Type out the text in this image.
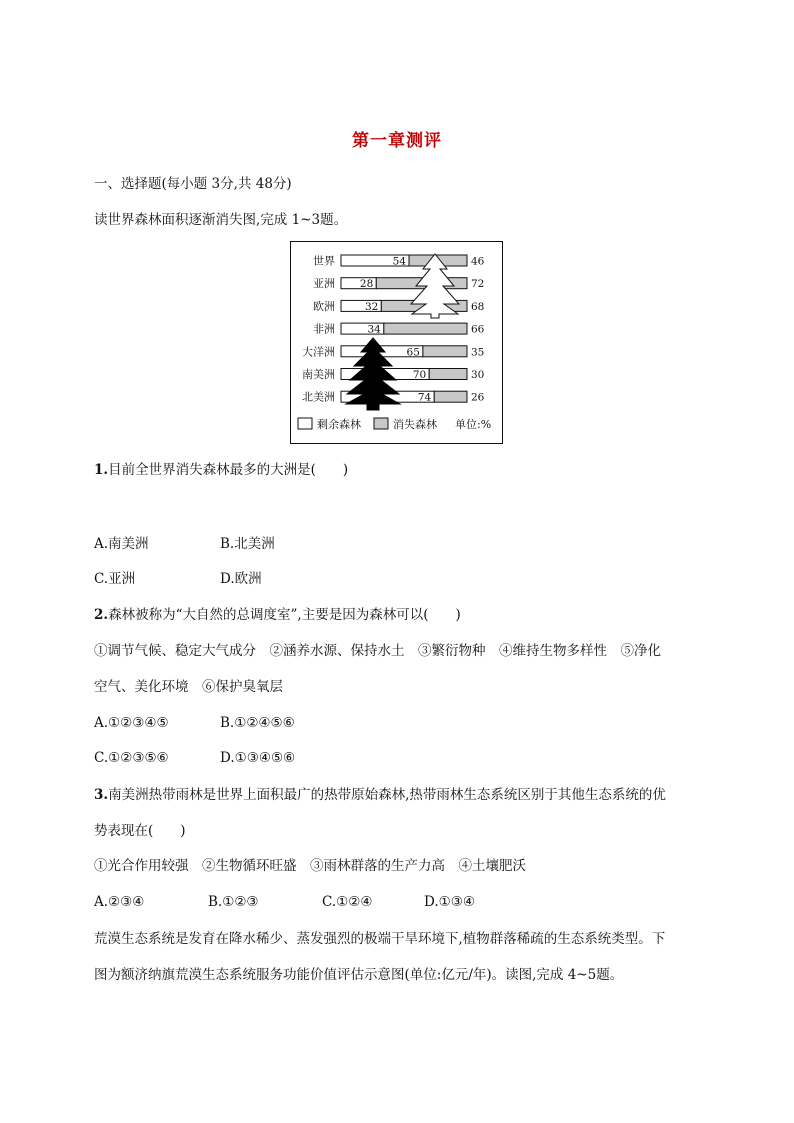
第一章测评
一、选择题(每小题 3分,共 48分)
读世界森林面积逐渐消失图,完成 1~3题。
世界	54	46
亚洲 28	72
欧洲	32	68
非洲	34	66
大洋洲	65	35
南美洲	70	30
北美洲	74	26
剩余森林	消失森林 单位:%
1.目前全世界消失森林最多的大洲是(　　)
A.南美洲	B.北美洲
C.亚洲	D.欧洲
2.森林被称为“大自然的总调度室”,主要是因为森林可以(　　)
①调节气候、稳定大气成分　②涵养水源、保持水土　③繁衍物种　④维持生物多样性　⑤净化
空气、美化环境　⑥保护臭氧层
A.①②③④⑤	B.①②④⑤⑥
C.①②③⑤⑥	D.①③④⑤⑥
3.南美洲热带雨林是世界上面积最广的热带原始森林,热带雨林生态系统区别于其他生态系统的优
势表现在(　　)
①光合作用较强　②生物循环旺盛　③雨林群落的生产力高　④土壤肥沃
A.②③④	B.①②③	C.①②④	D.①③④
荒漠生态系统是发育在降水稀少、蒸发强烈的极端干旱环境下,植物群落稀疏的生态系统类型。下
图为额济纳旗荒漠生态系统服务功能价值评估示意图(单位:亿元/年)。读图,完成 4~5题。
